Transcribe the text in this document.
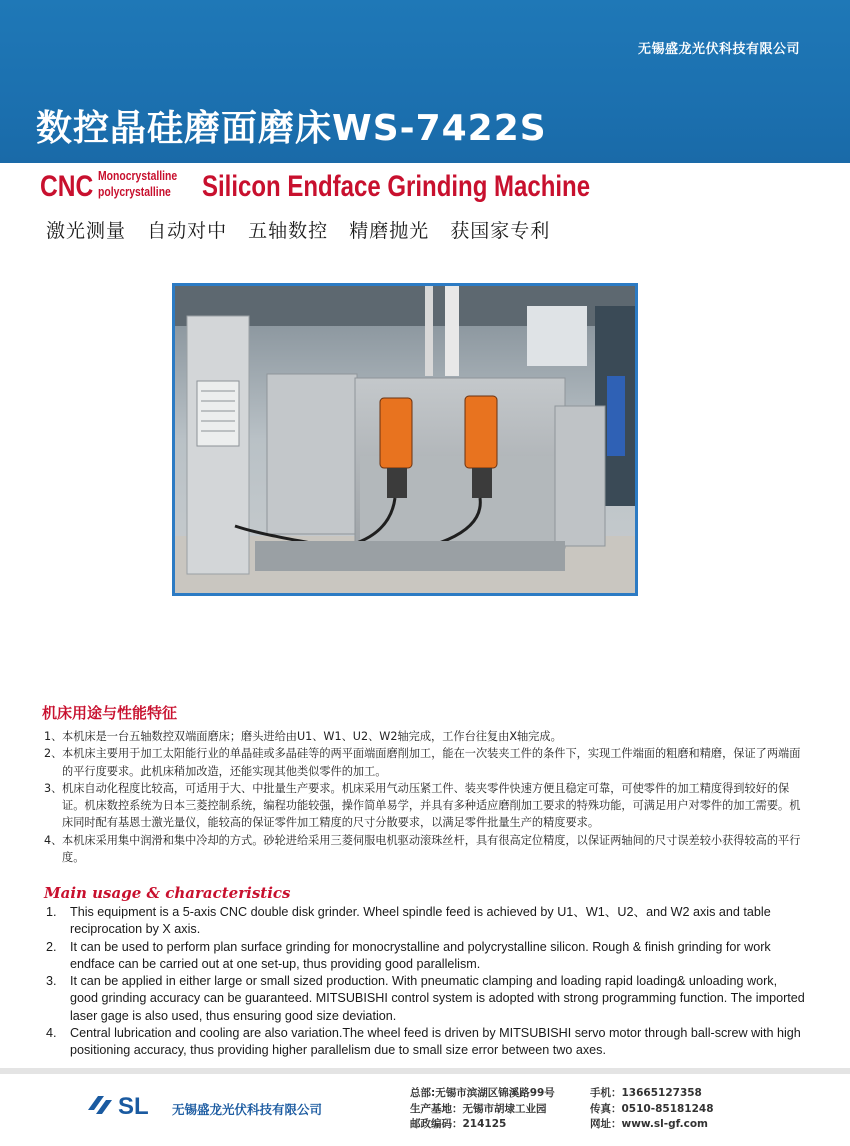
无锡盛龙光伏科技有限公司
数控晶硅磨面磨床WS-7422S
CNC Monocrystalline
polycrystalline Silicon Endface Grinding Machine
激光测量 自动对中 五轴数控 精磨抛光 获国家专利
机床用途与性能特征
1、 本机床是一台五轴数控双端面磨床；磨头进给由U1、W1、U2、W2轴完成，工作台往复由X轴完成。
2、 本机床主要用于加工太阳能行业的单晶硅或多晶硅等的两平面端面磨削加工，能在一次装夹工件的条件下，实现工件端面的粗磨和精磨，保证了两端面的平行度要求。此机床稍加改造，还能实现其他类似零件的加工。
3、 机床自动化程度比较高，可适用于大、中批量生产要求。机床采用气动压紧工件、装夹零件快速方便且稳定可靠，可使零件的加工精度得到较好的保证。机床数控系统为日本三菱控制系统，编程功能较强，操作简单易学，并具有多种适应磨削加工要求的特殊功能，可满足用户对零件的加工需要。机床同时配有基恩士激光量仪，能较高的保证零件加工精度的尺寸分散要求，以满足零件批量生产的精度要求。
4、 本机床采用集中润滑和集中冷却的方式。砂轮进给采用三菱伺服电机驱动滚珠丝杆，具有很高定位精度，以保证两轴间的尺寸误差较小获得较高的平行度。
Main usage & characteristics
1. This equipment is a 5-axis CNC double disk grinder. Wheel spindle feed is achieved by U1、W1、U2、and W2 axis and table reciprocation by X axis.
2. It can be used to perform plan surface grinding for monocrystalline and polycrystalline silicon. Rough & finish grinding for work endface can be carried out at one set-up, thus providing good parallelism.
3. It can be applied in either large or small sized production. With pneumatic clamping and loading rapid loading& unloading work, good grinding accuracy can be guaranteed. MITSUBISHI control system is adopted with strong programming function. The imported laser gage is also used, thus ensuring good size deviation.
4. Central lubrication and cooling are also variation.The wheel feed is driven by MITSUBISHI servo motor through ball-screw with high positioning accuracy, thus providing higher parallelism due to small size error between two axes.
SL 无锡盛龙光伏科技有限公司
总部:无锡市滨湖区锦溪路99号
生产基地：无锡市胡埭工业园
邮政编码：214125
手机：13665127358
传真：0510-85181248
网址：www.sl-gf.com
